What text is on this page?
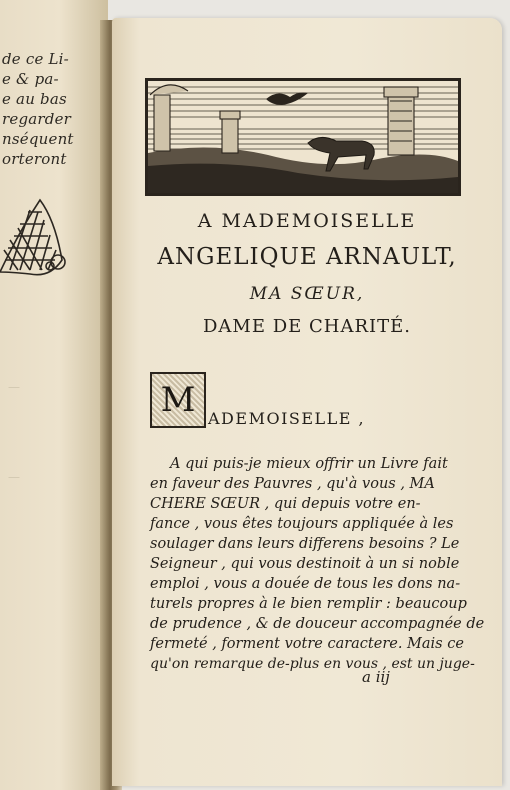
de ce Li-
e & pa-
e au bas
regarder
nséquent
orteront
—
—
A MADEMOISELLE
ANGELIQUE ARNAULT,
MA SŒUR,
DAME DE CHARITÉ.
M ADEMOISELLE ,
A qui puis-je mieux offrir un Livre fait
en faveur des Pauvres , qu'à vous , MA
CHERE SŒUR , qui depuis votre en-
fance , vous êtes toujours appliquée à les
soulager dans leurs differens besoins ? Le
Seigneur , qui vous destinoit à un si noble
emploi , vous a douée de tous les dons na-
turels propres à le bien remplir : beaucoup
de prudence , & de douceur accompagnée de
fermeté , forment votre caractere. Mais ce
qu'on remarque de-plus en vous , est un juge-
a iij
